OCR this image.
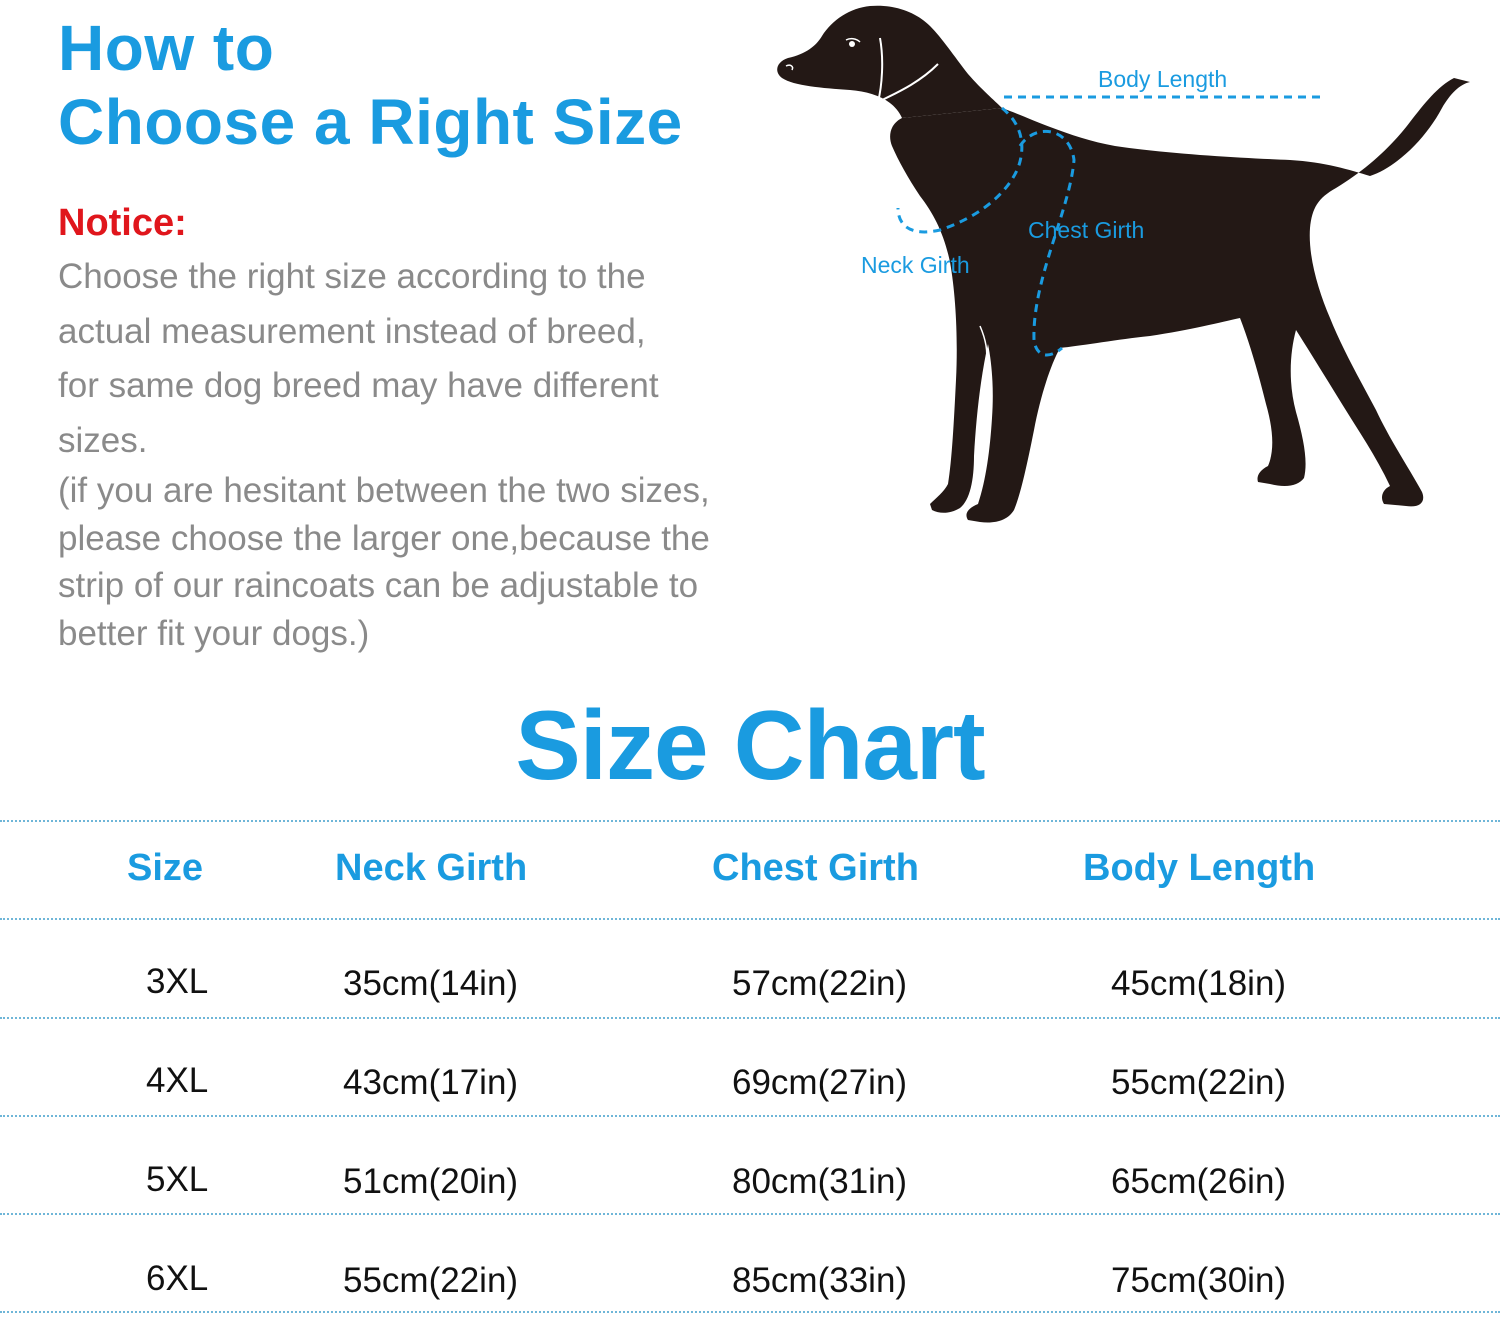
How to
Choose a Right Size
Notice:

Choose the right size according to the
actual measurement instead of breed,
for same dog breed may have different
sizes.
(if you are hesitant between the two sizes,
please choose the larger one,because the
strip of our raincoats can be adjustable to
better fit your dogs.)

Body Length
Chest Girth
Neck Girth
Size Chart
Size	Neck Girth	Chest Girth	Body Length
3XL	35cm(14in)	57cm(22in)	45cm(18in)
4XL	43cm(17in)	69cm(27in)	55cm(22in)
5XL	51cm(20in)	80cm(31in)	65cm(26in)
6XL	55cm(22in)	85cm(33in)	75cm(30in)
